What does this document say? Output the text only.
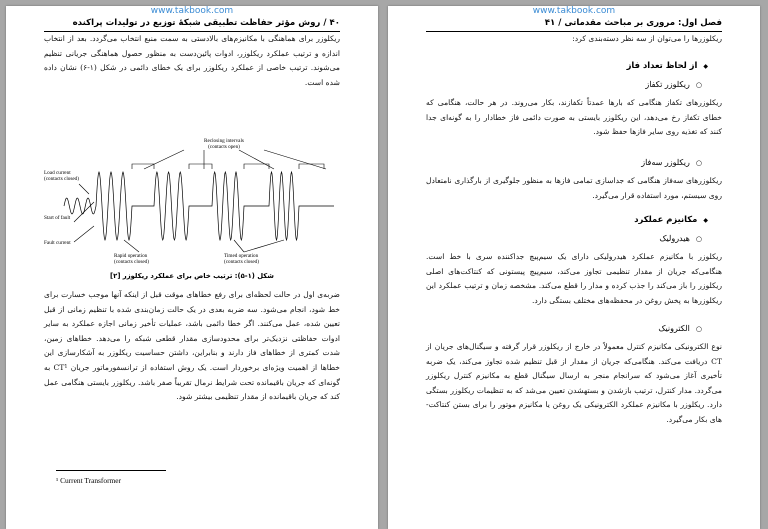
www.takbook.com
۴۰ / روش مؤثر حفاظت تطبیقی شبکهٔ توزیع در تولیدات پراکنده

ریکلوزر برای هماهنگی با مکانیزم‌های بالادستی به سمت منبع انتخاب می‌گردد. بعد از انتخاب اندازه و ترتیب عملکرد ریکلوزر، ادوات پائین‌دست به منظور حصول هماهنگی جریانی تنظیم می‌شوند. ترتیب خاصی از عملکرد ریکلوزر برای یک خطای دائمی در شکل (۱-۶) نشان داده شده است.

Reclosing intervals
(contacts open)
Load current
(contacts closed)
Start of fault
Fault current
Rapid operation
(contacts closed)
Timed operation
(contacts closed)
شکل (۱-۵): ترتیب خاص برای عملکرد ریکلوزر [۲]

ضربه‌ی اول در حالت لحظه‌ای برای رفع خطاهای موقت قبل از اینکه آنها موجب خسارت برای خط شود، انجام می‌شود. سه ضربه بعدی در یک حالت زمان‌بندی شده با تنظیم زمانی از قبل تعیین شده، عمل می‌کنند. اگر خطا دائمی باشد، عملیات تأخیر زمانی اجازه عملکرد به سایر ادوات حفاظتی نزدیک‌تر برای محدودسازی مقدار قطعی شبکه را می‌دهد. خطاهای زمین، شدت کمتری از خطاهای فاز دارند و بنابراین، داشتن حساسیت ریکلوزر به آشکارسازی این خطاها از اهمیت ویژه‌ای برخوردار است. یک روش استفاده از ترانسفورماتور جریان CT¹ به گونه‌ای که جریان باقیمانده تحت شرایط نرمال تقریباً صفر باشد. ریکلوزر بایستی هنگامی عمل کند که جریان باقیمانده از مقدار تنظیمی بیشتر شود.

¹ Current Transformer
www.takbook.com
فصل اول: مروری بر مباحث مقدماتی / ۴۱

ریکلوزرها را می‌توان از سه نظر دسته‌بندی کرد:

◆ از لحاظ تعداد فاز
○ ریکلوزر تکفاز

ریکلوزرهای تکفاز هنگامی که بارها عمدتاً تکفازند، بکار می‌روند. در هر حالت، هنگامی که خطای تکفاز رخ می‌دهد، این ریکلوزر بایستی به صورت دائمی فاز خطادار را به گونه‌ای جدا کنند که تغذیه روی سایر فازها حفظ شود.

○ ریکلوزر سه‌فاز

ریکلوزرهای سه‌فاز هنگامی که جداسازی تمامی فازها به منظور جلوگیری از بارگذاری نامتعادل روی سیستم، مورد استفاده قرار می‌گیرد.

◆ مکانیزم عملکرد
○ هیدرولیک

ریکلوزر با مکانیزم عملکرد هیدرولیکی دارای یک سیم‌پیچ جداکننده سری با خط است. هنگامی‌که جریان از مقدار تنظیمی تجاوز می‌کند، سیم‌پیچ پیستونی که کنتاکت‌های اصلی ریکلوزر را باز می‌کند را جذب کرده و مدار را قطع می‌کند. مشخصه زمان و ترتیب عملکرد این ریکلوزرها به پخش روغن در محفظه‌های مختلف بستگی دارد.

○ الکترونیک

نوع الکترونیکی مکانیزم کنترل معمولاً در خارج از ریکلوزر قرار گرفته و سیگنال‌های جریان از CT دریافت می‌کند. هنگامی‌که جریان از مقدار از قبل تنظیم شده تجاوز می‌کند، یک ضربه تأخیری آغاز می‌شود که سرانجام منجر به ارسال سیگنال قطع به مکانیزم کنترل ریکلوزر می‌گردد. مدار کنترل، ترتیب بازشدن و بستهشدن تعیین می‌شد که به تنظیمات ریکلوزر بستگی دارد. ریکلوزر با مکانیزم عملکرد الکترونیکی یک روغن یا مکانیزم موتور را برای بستن کنتاکت-های بکار می‌گیرد.
